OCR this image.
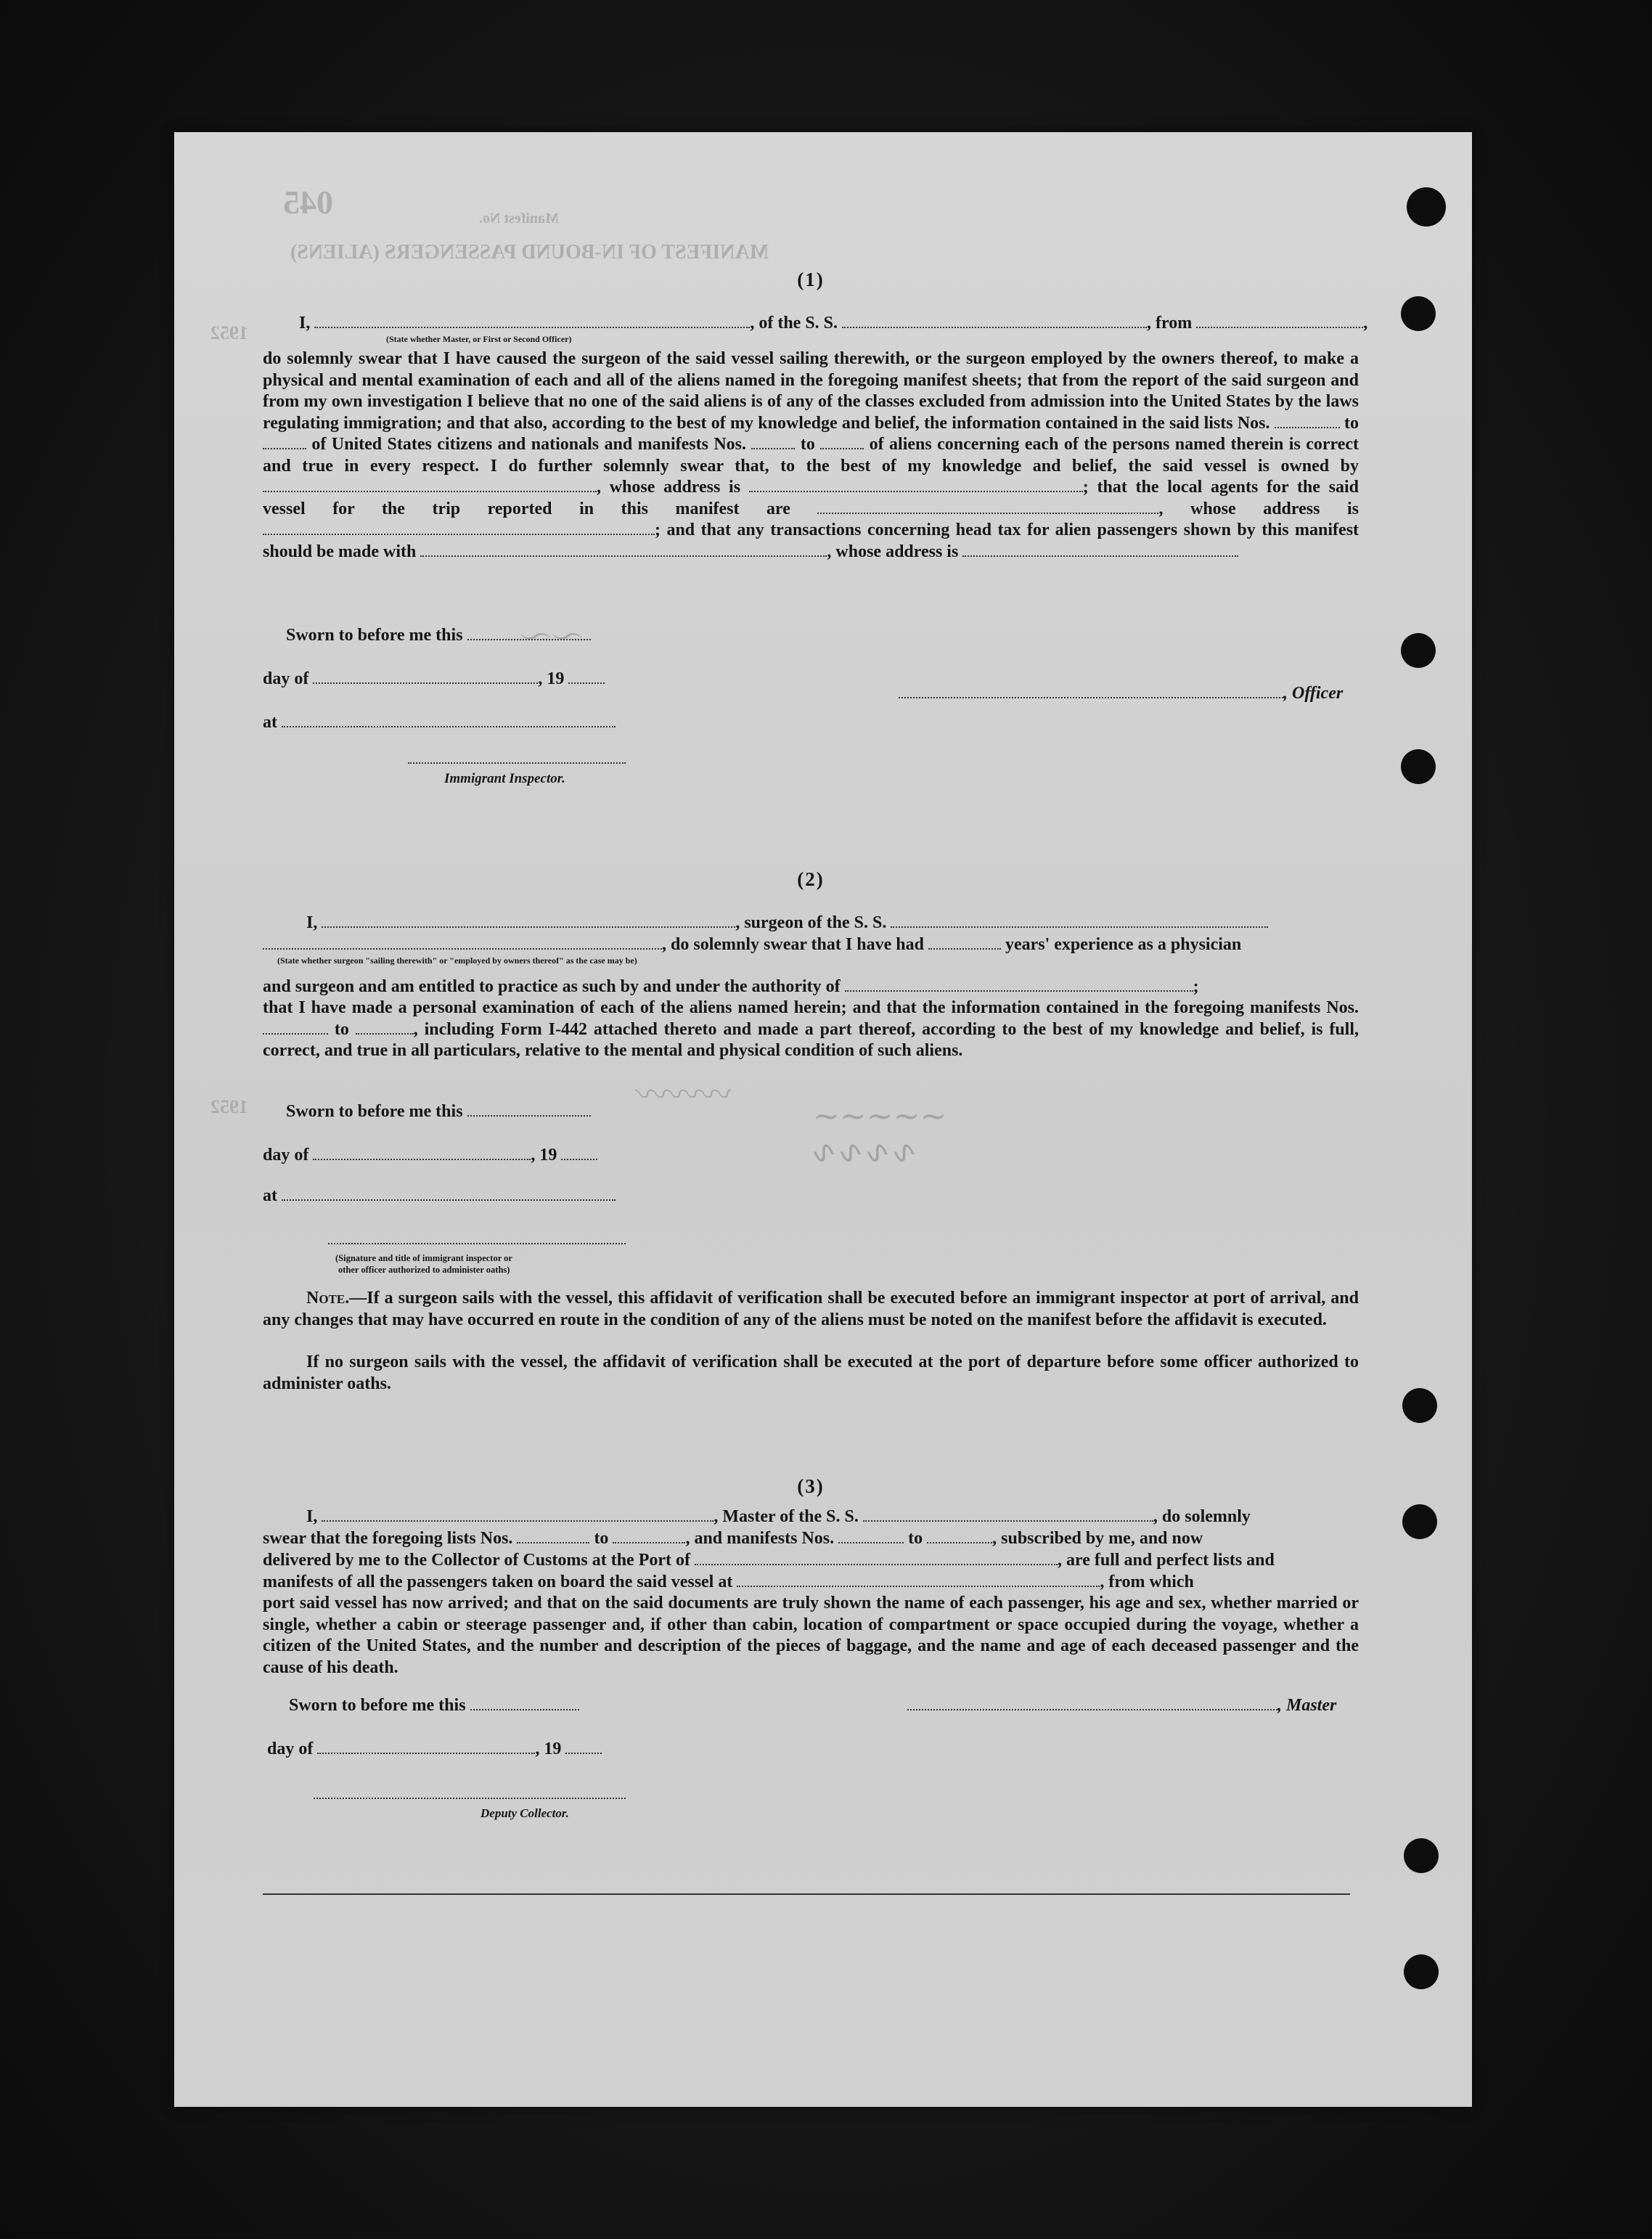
045	Manifest No.
MANIFEST OF IN-BOUND PASSENGERS (ALIENS)
1952
1952	〰〰〰
∽∽∽∽∽
∿∿∿∿
〜〜
(1)
I,	, of the S. S.	, from	,
(State whether Master, or First or Second Officer)
do solemnly swear that I have caused the surgeon of the said vessel sailing therewith, or the surgeon employed by the owners thereof, to make a physical and mental examination of each and all of the aliens named in the foregoing manifest sheets; that from the report of the said surgeon and from my own investigation I believe that no one of the said aliens is of any of the classes excluded from admission into the United States by the laws regulating immigration; and that also, according to the best of my knowledge and belief, the information contained in the said lists Nos.	to  of United States citizens and nationals and manifests Nos.	to	of aliens concerning each of the persons named therein is correct and true in every respect. I do further solemnly swear that, to the best of my knowledge and belief, the said vessel is owned by , whose address is	; that the local agents for the said vessel for the trip reported in this manifest are	, whose address is ; and that any transactions concerning head tax for alien passengers shown by this manifest should be made with	, whose address is
Sworn to before me this
day of	, 19
, Officer
at
Immigrant Inspector.
(2)
I,	, surgeon of the S. S.
, do solemnly swear that I have had	years' experience as a physician
(State whether surgeon "sailing therewith" or "employed by owners thereof" as the case may be)
and surgeon and am entitled to practice as such by and under the authority of	;
that I have made a personal examination of each of the aliens named herein; and that the information contained in the foregoing manifests Nos.  to	, including Form I-442 attached thereto and made a part thereof, according to the best of my knowledge and belief, is full, correct, and true in all particulars, relative to the mental and physical condition of such aliens.
Sworn to before me this
day of	, 19
at
(Signature and title of immigrant inspector or
other officer authorized to administer oaths)
Note.—If a surgeon sails with the vessel, this affidavit of verification shall be executed before an immigrant inspector at port of arrival, and any changes that may have occurred en route in the condition of any of the aliens must be noted on the manifest before the affidavit is executed.
If no surgeon sails with the vessel, the affidavit of verification shall be executed at the port of departure before some officer authorized to administer oaths.
(3)
I,	, Master of the S. S.	, do solemnly
swear that the foregoing lists Nos.	to	, and manifests Nos.	to	, subscribed by me, and now
delivered by me to the Collector of Customs at the Port of	, are full and perfect lists and
manifests of all the passengers taken on board the said vessel at	, from which
port said vessel has now arrived; and that on the said documents are truly shown the name of each passenger, his age and sex, whether married or single, whether a cabin or steerage passenger and, if other than cabin, location of compartment or space occupied during the voyage, whether a citizen of the United States, and the number and description of the pieces of baggage, and the name and age of each deceased passenger and the cause of his death.
Sworn to before me this	, Master
day of	, 19
Deputy Collector.
